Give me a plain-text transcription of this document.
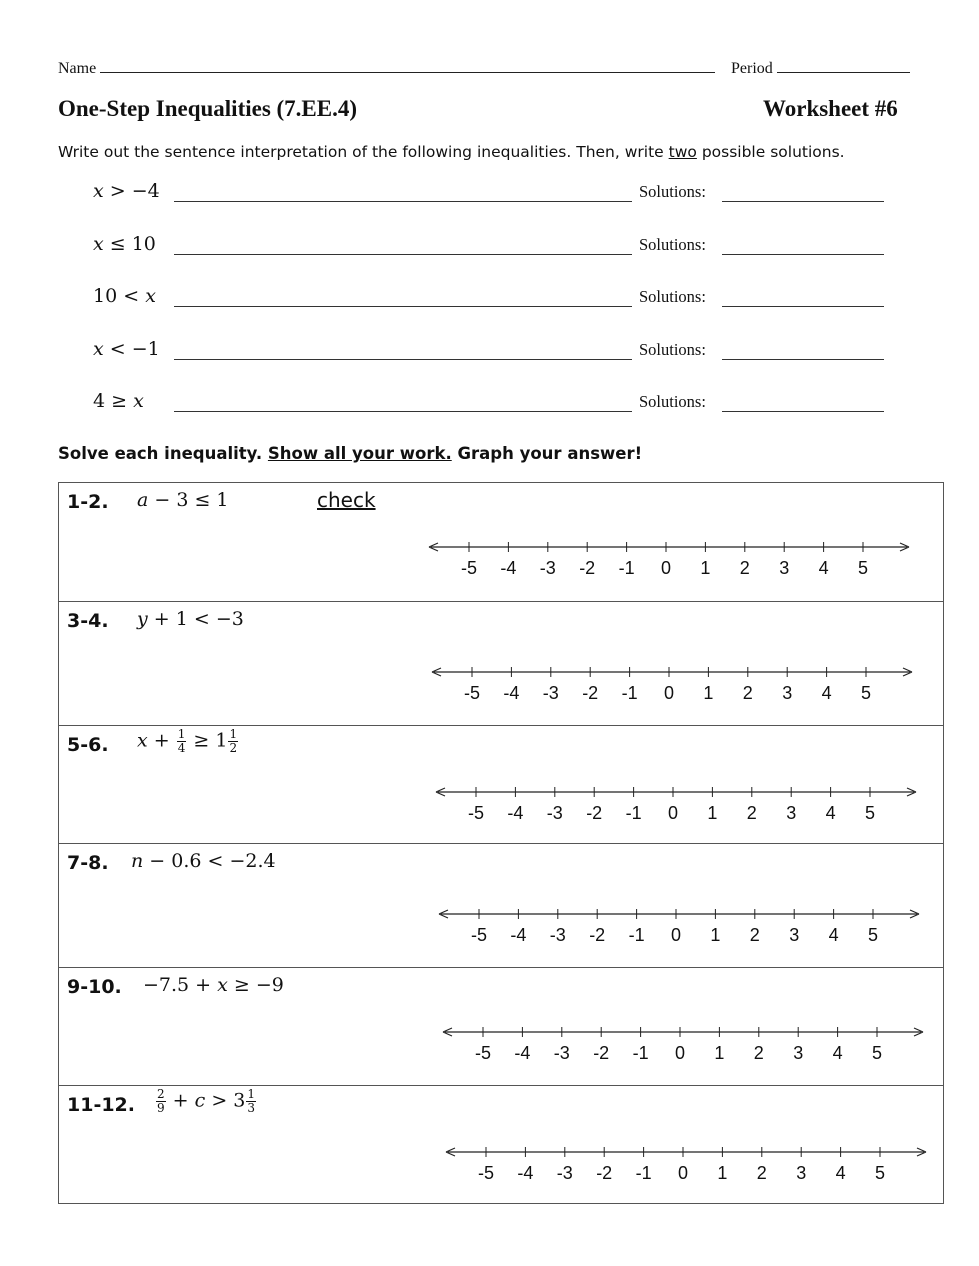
Name	Period
One-Step Inequalities (7.EE.4)	Worksheet #6
Write out the sentence interpretation of the following inequalities. Then, write two possible solutions.
x > −4	Solutions:
x ≤ 10	Solutions:
10 < x	Solutions:
x < −1	Solutions:
4 ≥ x	Solutions:
Solve each inequality. Show all your work. Graph your answer!
1-2. a − 3 ≤ 1	check
-5 -4 -3 -2 -1 0 1 2 3 4 5
3-4. y + 1 < −3
-5 -4 -3 -2 -1 0 1 2 3 4 5
5-6. $x + \frac{1}{4} \ge 1 \frac{1}{2}$
-5 -4 -3 -2 -1 0 1 2 3 4 5
7-8. n − 0.6 < −2.4
-5 -4 -3 -2 -1 0 1 2 3 4 5
9-10. −7.5 + x ≥ −9
-5 -4 -3 -2 -1 0 1 2 3 4 5
11-12. $\frac{2}{9} + c > 3 \frac{1}{3}$
-5 -4 -3 -2 -1 0 1 2 3 4 5
